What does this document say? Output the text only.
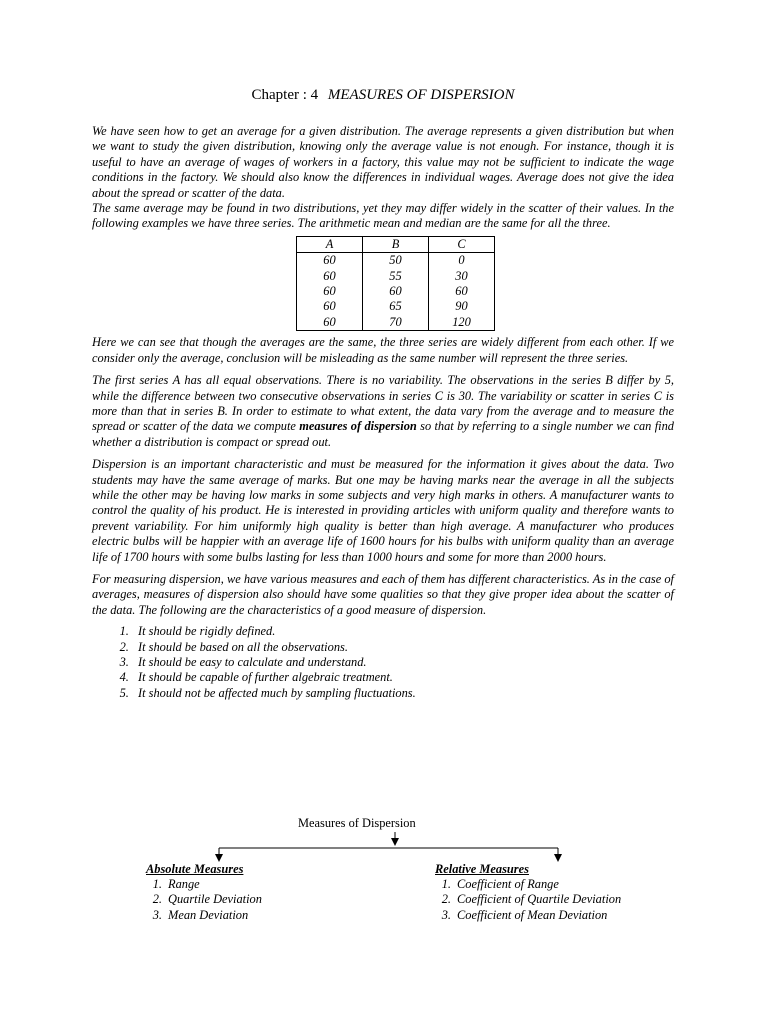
Chapter : 4 MEASURES OF DISPERSION

We have seen how to get an average for a given distribution. The average represents a given distribution but when we want to study the given distribution, knowing only the average value is not enough. For instance, though it is useful to have an average of wages of workers in a factory, this value may not be sufficient to indicate the wage conditions in the factory. We should also know the differences in individual wages. Average does not give the idea about the spread or scatter of the data.

The same average may be found in two distributions, yet they may differ widely in the scatter of their values. In the following examples we have three series. The arithmetic mean and median are the same for all the three.

A	B	C
60	50	0
60	55	30
60	60	60
60	65	90
60	70	120

Here we can see that though the averages are the same, the three series are widely different from each other. If we consider only the average, conclusion will be misleading as the same number will represent the three series.

The first series A has all equal observations. There is no variability. The observations in the series B differ by 5, while the difference between two consecutive observations in series C is 30. The variability or scatter in series C is more than that in series B. In order to estimate to what extent, the data vary from the average and to measure the spread or scatter of the data we compute measures of dispersion so that by referring to a single number we can find whether a distribution is compact or spread out.

Dispersion is an important characteristic and must be measured for the information it gives about the data. Two students may have the same average of marks. But one may be having marks near the average in all the subjects while the other may be having low marks in some subjects and very high marks in others. A manufacturer wants to control the quality of his product. He is interested in providing articles with uniform quality and therefore wants to prevent variability. For him uniformly high quality is better than high average. A manufacturer who produces electric bulbs will be happier with an average life of 1600 hours for his bulbs with uniform quality than an average life of 1700 hours with some bulbs lasting for less than 1000 hours and some for more than 2000 hours.

For measuring dispersion, we have various measures and each of them has different characteristics. As in the case of averages, measures of dispersion also should have some qualities so that they give proper idea about the scatter of the data. The following are the characteristics of a good measure of dispersion.

1. It should be rigidly defined.
2. It should be based on all the observations.
3. It should be easy to calculate and understand.
4. It should be capable of further algebraic treatment.
5. It should not be affected much by sampling fluctuations.
Measures of Dispersion
Absolute Measures
1. Range
2. Quartile Deviation
3. Mean Deviation
Relative Measures
1. Coefficient of Range
2. Coefficient of Quartile Deviation
3. Coefficient of Mean Deviation
